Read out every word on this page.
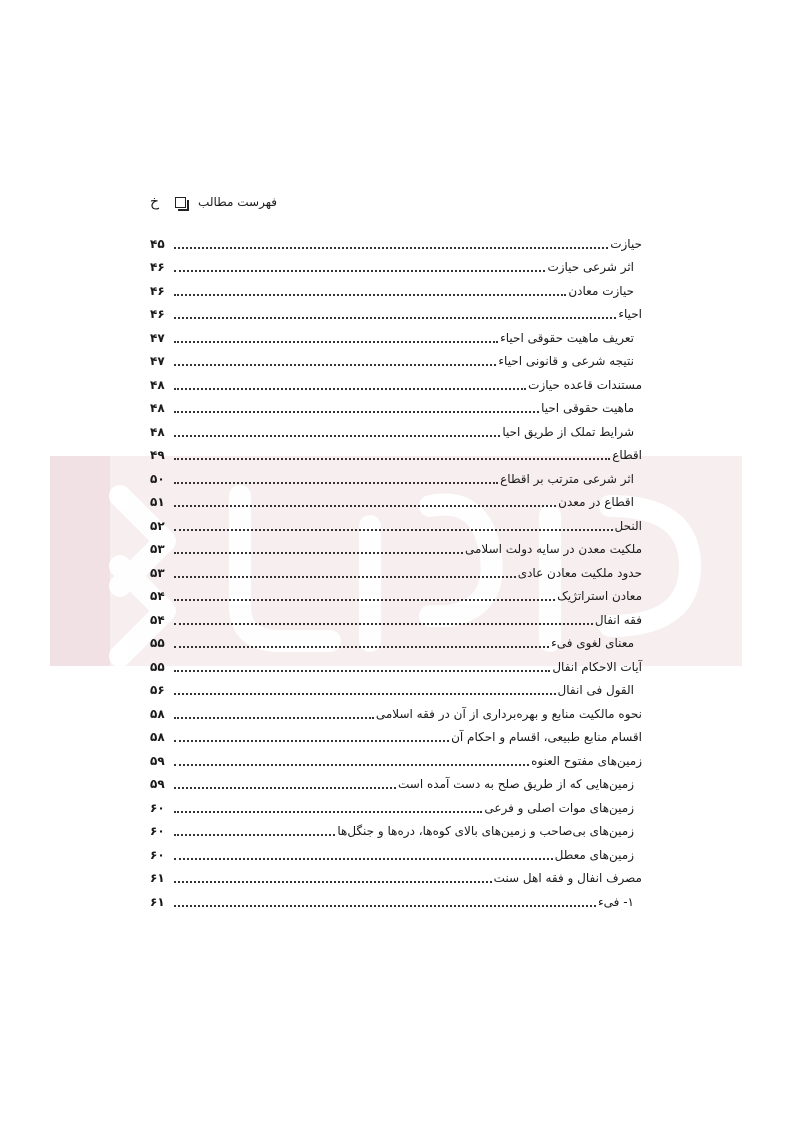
خ	فهرست مطالب
حیازت
۴۵
اثر شرعی حیازت
۴۶
حیازت معادن
۴۶
احیاء
۴۶
تعریف ماهیت حقوقی احیاء
۴۷
نتیجه شرعی و قانونی احیاء
۴۷
مستندات قاعده حیازت
۴۸
ماهیت حقوقی احیا
۴۸
شرایط تملک از طریق احیا
۴۸
اقطاع
۴۹
اثر شرعی مترتب بر اقطاع
۵۰
اقطاع در معدن
۵۱
النحل
۵۲
ملکیت معدن در سایه دولت اسلامی
۵۳
حدود ملکیت معادن عادی
۵۳
معادن استراتژیک
۵۴
فقه انفال
۵۴
معنای لغوی فیء
۵۵
آیات الاحکام انفال
۵۵
القول فی انفال
۵۶
نحوه مالکیت منابع و بهره‌برداری از آن در فقه اسلامی
۵۸
اقسام منابع طبیعی، اقسام و احکام آن
۵۸
زمین‌های مفتوح العنوه
۵۹
زمین‌هایی که از طریق صلح به دست آمده است
۵۹
زمین‌های موات اصلی و فرعی
۶۰
زمین‌های بی‌صاحب و زمین‌های بالای کوه‌ها، دره‌ها و جنگل‌ها
۶۰
زمین‌های معطل
۶۰
مصرف انفال و فقه اهل سنت
۶۱
۱- فیء
۶۱
